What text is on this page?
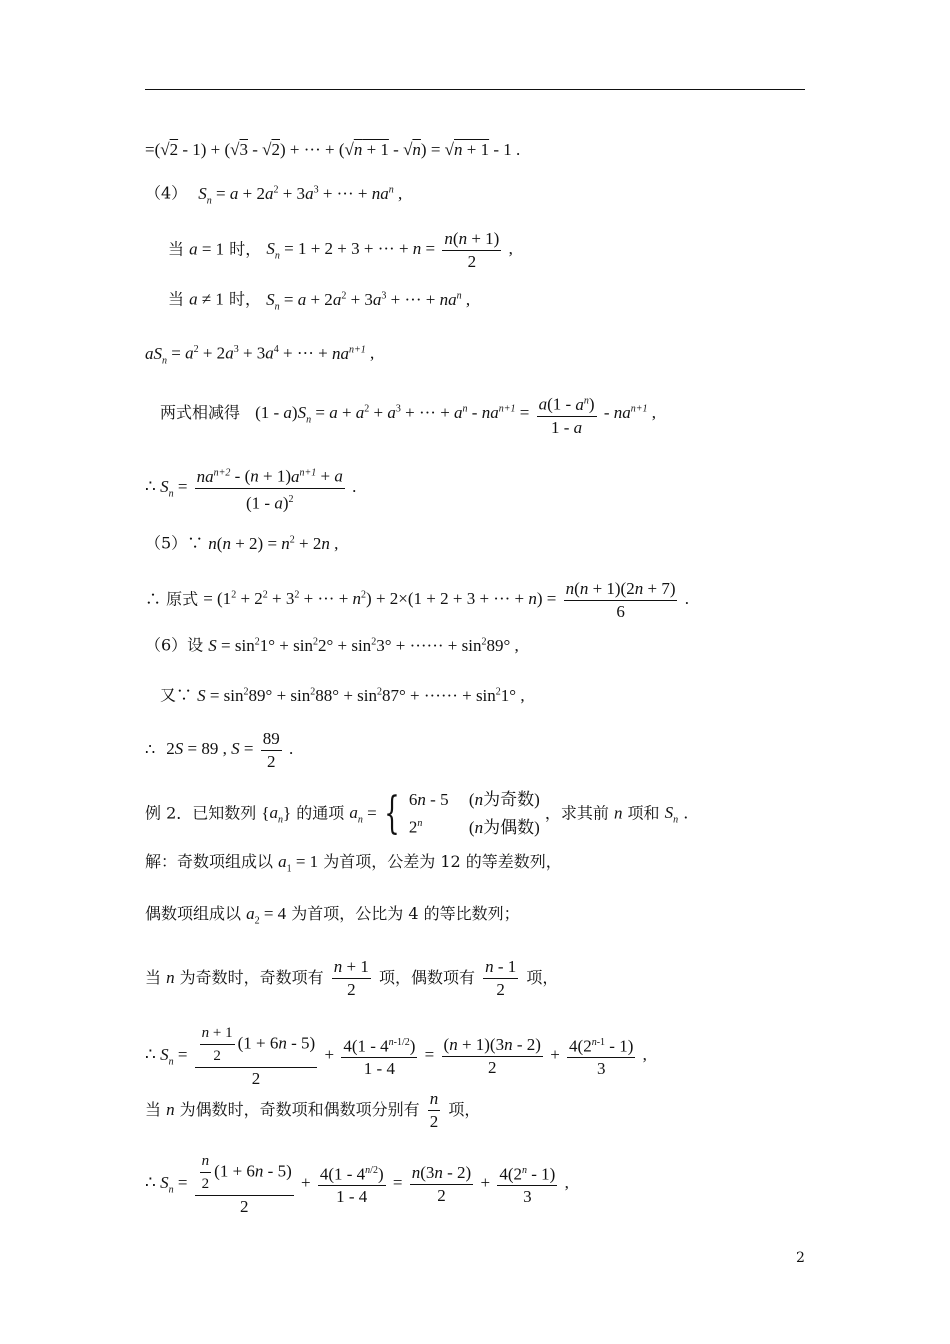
=(√2 - 1) + (√3 - √2) + ··· + (√n + 1 - √n) = √n + 1 - 1 .
（4） $S_n = a + 2a^2 + 3a^3$ + ··· + $na^n$ ,
当 a = 1 时， $S_n = 1 + 2 + 3$ + ··· + $n = \frac{n(n + 1)}{2}$ ,
当 a ≠ 1 时， $S_n = a + 2a^2 + 3a^3$ + ··· + $na^n$ ,
$aS_n = a^2 + 2a^3 + 3a^4$ + ··· + $na^{n+1}$ ,
两式相减得 $(1 - a)S_n = a + a^2 + a^3$ + ··· + $a^n - na^{n+1} = \frac{a(1 - a^n)}{1 - a} - na^{n+1}$ ,
∴ $S_n = \frac{na^{n+2} - (n + 1)a^{n+1} + a}{(1 - a)^2}$ .
（5）∵ $n(n + 2) = n^2 + 2n$ ,
∴ 原式 = ($1^2 + 2^2 + 3^2$ + ··· + $n^2) + 2\times(1 + 2 + 3$ + ··· + $n) = \frac{n(n + 1)(2n + 7)}{6}$ .
（6）设 $S = \sin^21^\circ + \sin^22^\circ + \sin^23^\circ$ + ······ + $\sin^289^\circ$ ,
又∵ $S = \sin^289^\circ + \sin^288^\circ + \sin^287^\circ$ + ······ + $\sin^21^\circ$ ,
∴ 2S = 89 , $S = \frac{89}{2}$ .
例 2．已知数列 $\{a_n\}$ 的通项 $a_n$ = { 6n - 5 (n为奇数)
2$^n$	(n为偶数)
，求其前 n 项和 $S_n$ .
解：奇数项组成以 $a_1 = 1$ 为首项，公差为 12 的等差数列，
偶数项组成以 $a_2 = 4$ 为首项，公比为 4 的等比数列；
当 n 为奇数时，奇数项有 $\frac{n + 1}{2}$ 项，偶数项有 $\frac{n - 1}{2}$ 项，
∴ $S_n = \frac{\frac{n + 1}{2} (1 + 6n - 5)}{2} + \frac{4(1 - 4^{n-1/2})}{1 - 4} = \frac{(n + 1)(3n - 2)}{2} + \frac{4(2^{n-1} - 1)}{3}$ ,
当 n 为偶数时，奇数项和偶数项分别有 $\frac{n}{2}$ 项，
∴ $S_n = \frac{\frac{n}{2} (1 + 6n - 5)}{2} + \frac{4(1 - 4^{n/2})}{1 - 4} = \frac{n(3n - 2)}{2} + \frac{4(2^n - 1)}{3}$ ,
2
